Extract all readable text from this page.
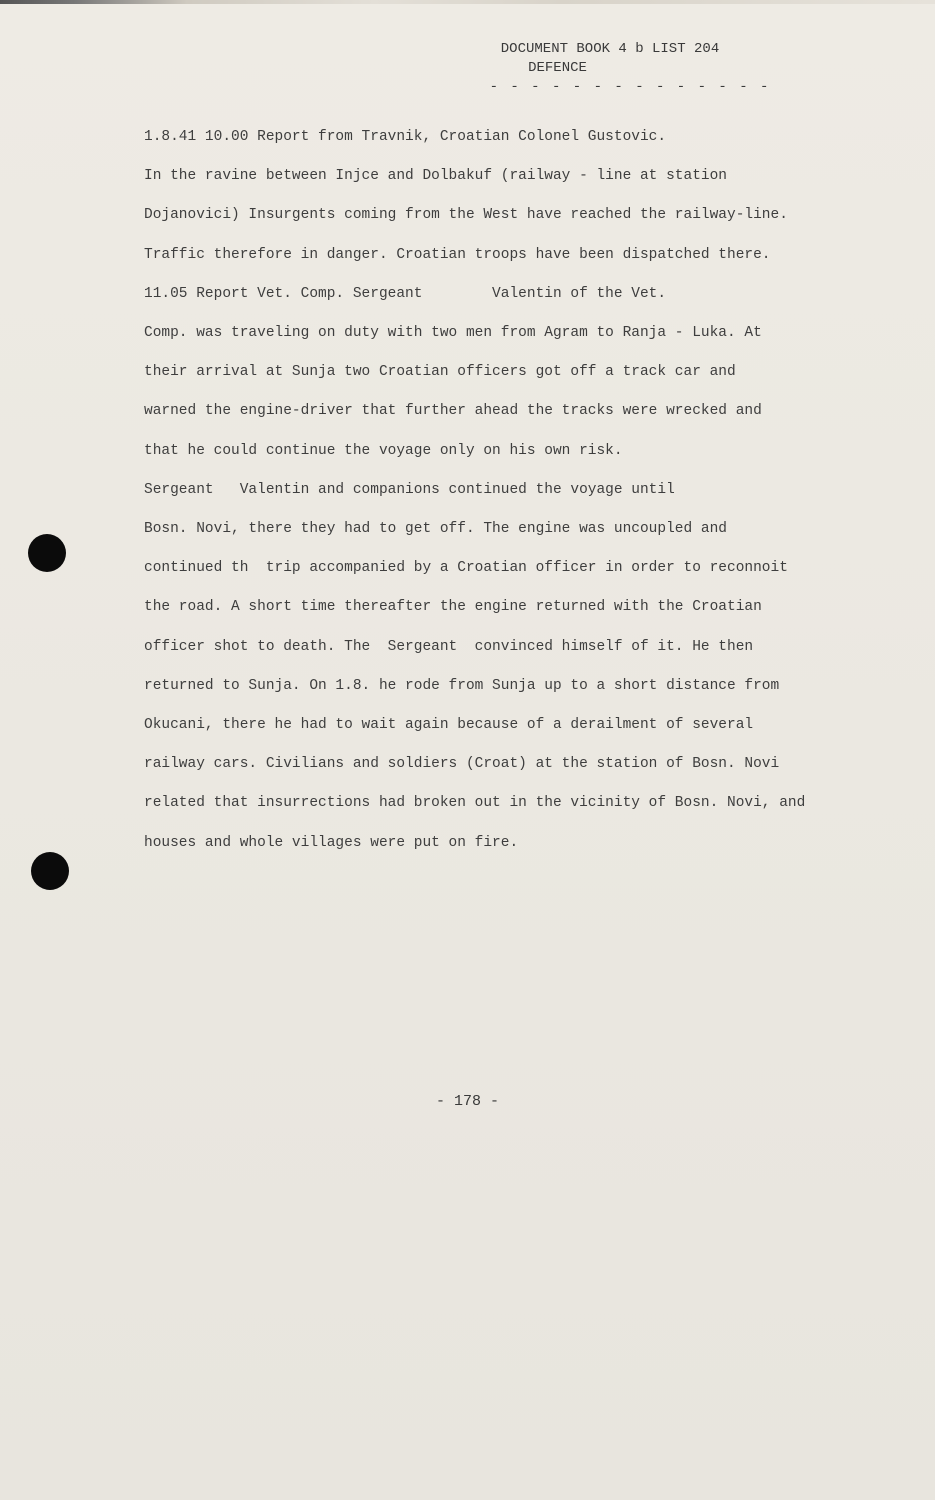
DOCUMENT BOOK 4 b LIST 204

DEFENCE
- - - - - - - - - - - - - -
1.8.41 10.00 Report from Travnik, Croatian Colonel Gustovic.
In the ravine between Injce and Dolbakuf (railway - line at station
Dojanovici) Insurgents coming from the West have reached the railway-line.
Traffic therefore in danger. Croatian troops have been dispatched there.
11.05 Report Vet. Comp. Sergeant        Valentin of the Vet.
Comp. was traveling on duty with two men from Agram to Ranja - Luka. At
their arrival at Sunja two Croatian officers got off a track car and
warned the engine-driver that further ahead the tracks were wrecked and
that he could continue the voyage only on his own risk.
Sergeant   Valentin and companions continued the voyage until
Bosn. Novi, there they had to get off. The engine was uncoupled and
continued th  trip accompanied by a Croatian officer in order to reconnoit
the road. A short time thereafter the engine returned with the Croatian
officer shot to death. The  Sergeant  convinced himself of it. He then
returned to Sunja. On 1.8. he rode from Sunja up to a short distance from
Okucani, there he had to wait again because of a derailment of several
railway cars. Civilians and soldiers (Croat) at the station of Bosn. Novi
related that insurrections had broken out in the vicinity of Bosn. Novi, and
houses and whole villages were put on fire.
- 178 -
